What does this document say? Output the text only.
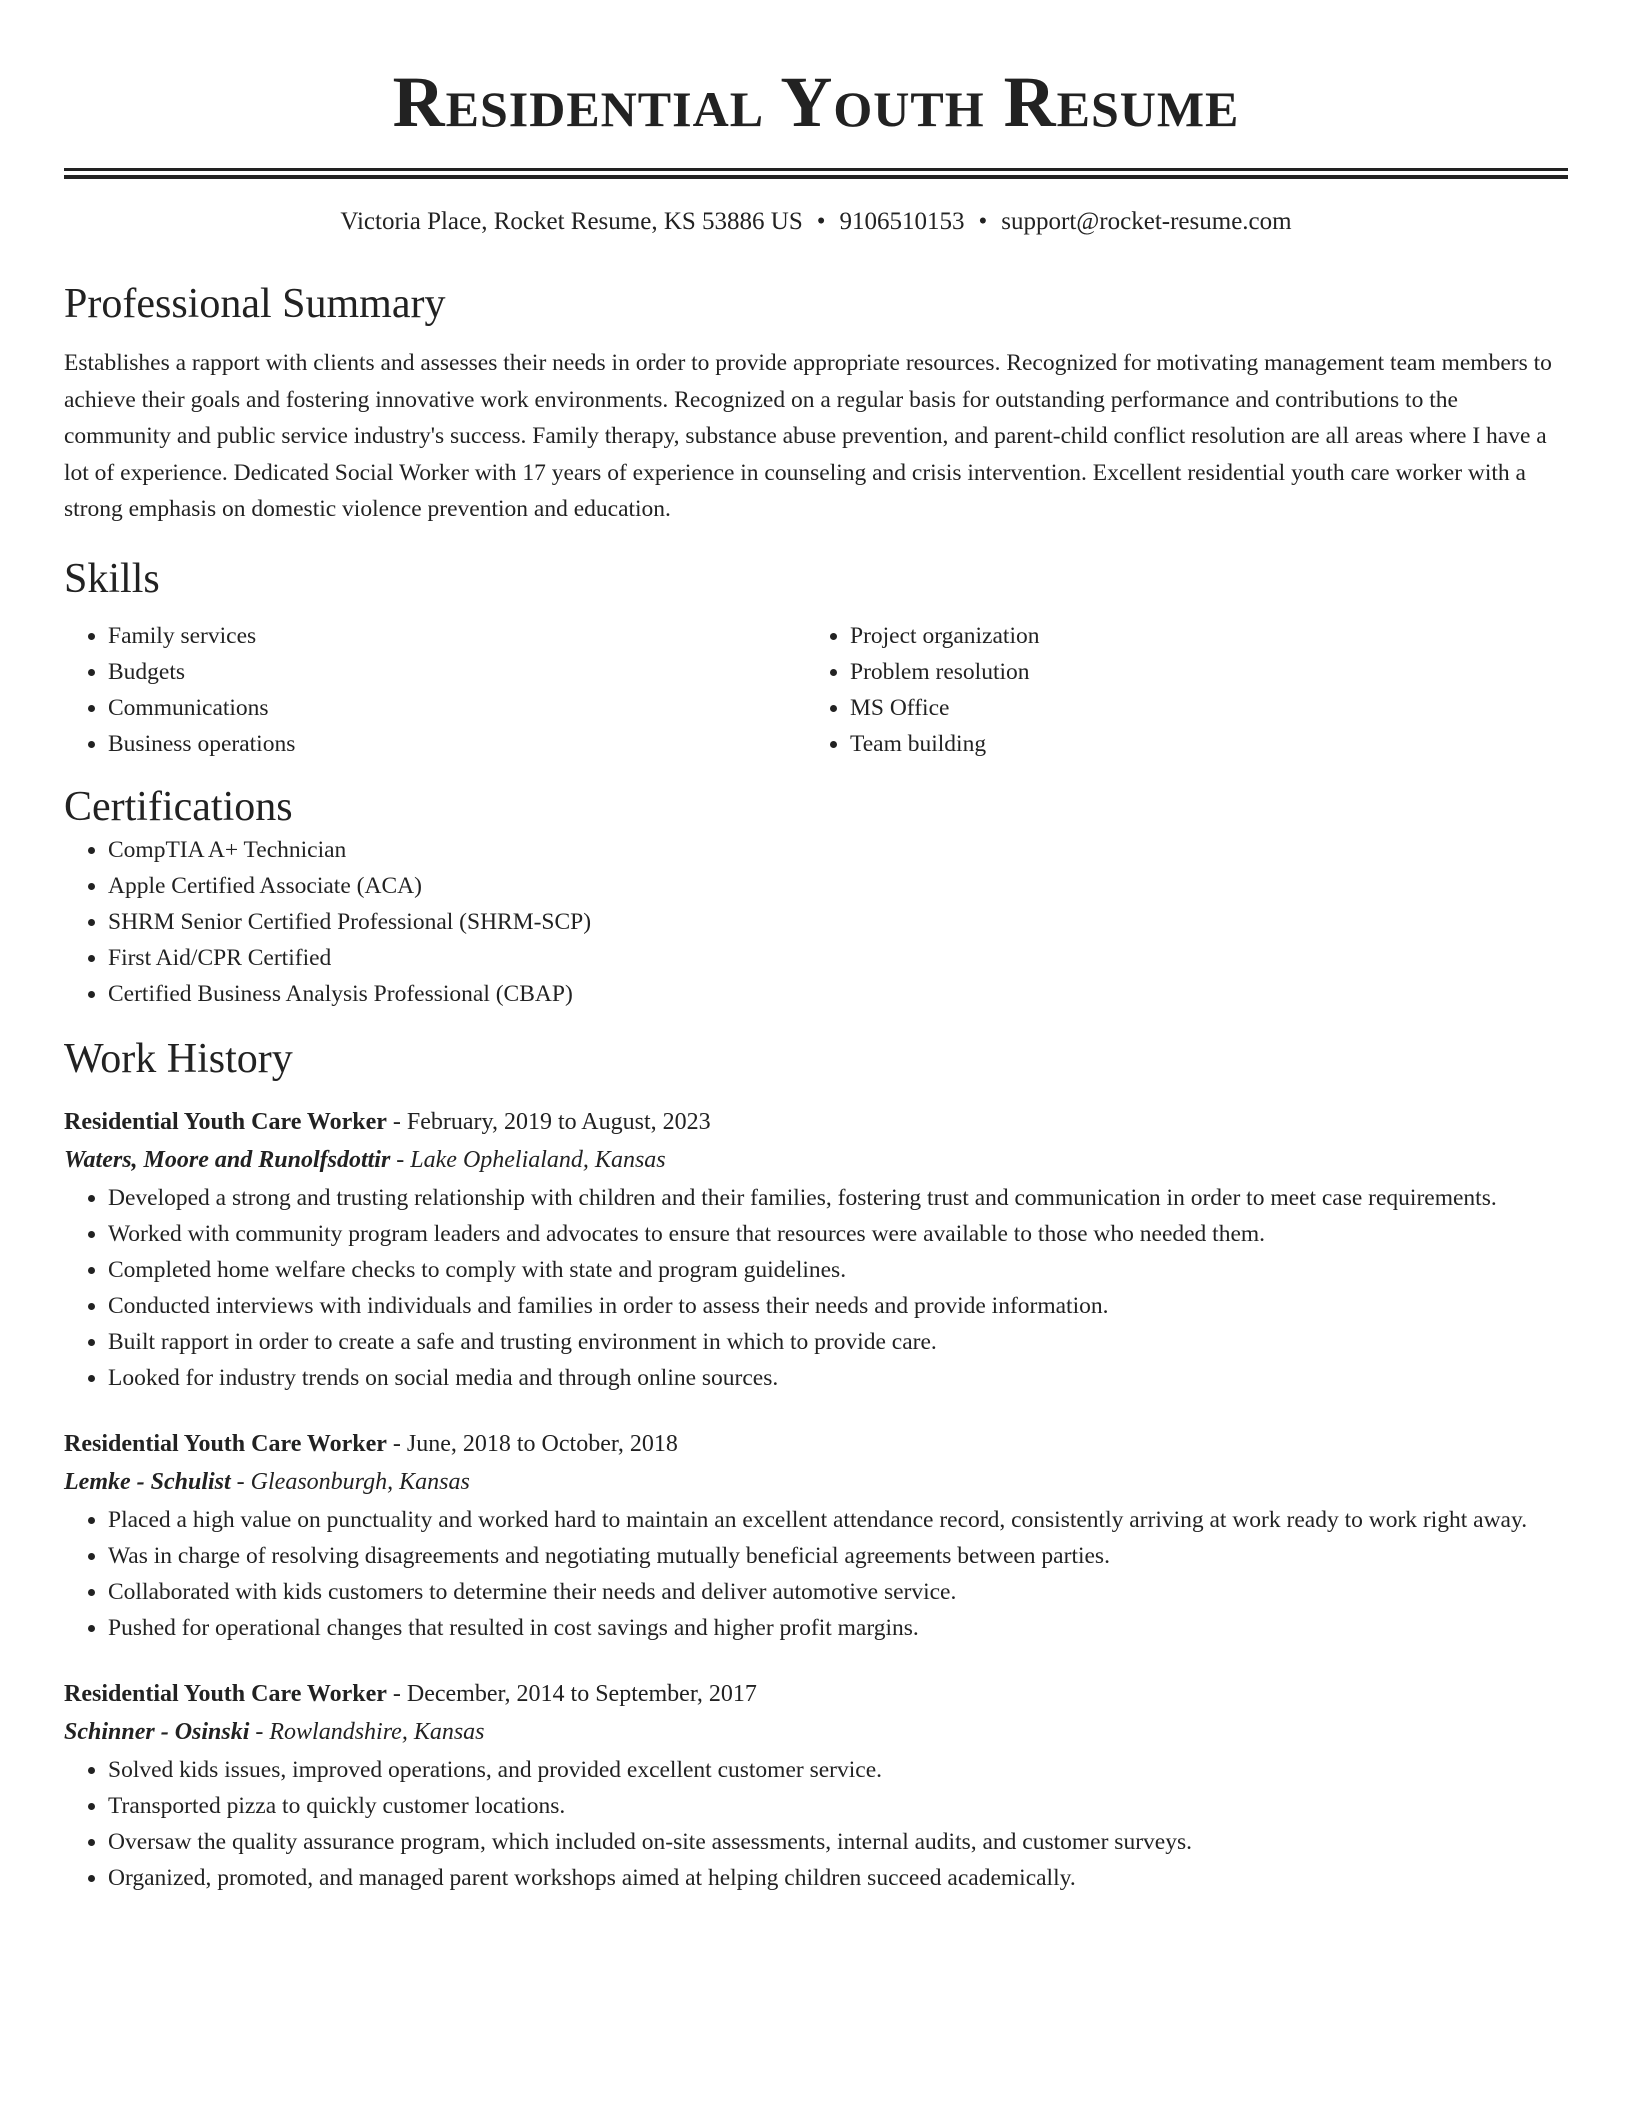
Residential Youth Resume
Victoria Place, Rocket Resume, KS 53886 US • 9106510153 • support@rocket-resume.com
Professional Summary

Establishes a rapport with clients and assesses their needs in order to provide appropriate resources. Recognized for motivating management team members to achieve their goals and fostering innovative work environments. Recognized on a regular basis for outstanding performance and contributions to the community and public service industry's success. Family therapy, substance abuse prevention, and parent-child conflict resolution are all areas where I have a lot of experience. Dedicated Social Worker with 17 years of experience in counseling and crisis intervention. Excellent residential youth care worker with a strong emphasis on domestic violence prevention and education.

Skills
• Family services
• Budgets
• Communications
• Business operations
• Project organization
• Problem resolution
• MS Office
• Team building
Certifications
• CompTIA A+ Technician
• Apple Certified Associate (ACA)
• SHRM Senior Certified Professional (SHRM-SCP)
• First Aid/CPR Certified
• Certified Business Analysis Professional (CBAP)
Work History
Residential Youth Care Worker - February, 2019 to August, 2023
Waters, Moore and Runolfsdottir - Lake Ophelialand, Kansas
• Developed a strong and trusting relationship with children and their families, fostering trust and communication in order to meet case requirements.
• Worked with community program leaders and advocates to ensure that resources were available to those who needed them.
• Completed home welfare checks to comply with state and program guidelines.
• Conducted interviews with individuals and families in order to assess their needs and provide information.
• Built rapport in order to create a safe and trusting environment in which to provide care.
• Looked for industry trends on social media and through online sources.
Residential Youth Care Worker - June, 2018 to October, 2018
Lemke - Schulist - Gleasonburgh, Kansas
• Placed a high value on punctuality and worked hard to maintain an excellent attendance record, consistently arriving at work ready to work right away.
• Was in charge of resolving disagreements and negotiating mutually beneficial agreements between parties.
• Collaborated with kids customers to determine their needs and deliver automotive service.
• Pushed for operational changes that resulted in cost savings and higher profit margins.
Residential Youth Care Worker - December, 2014 to September, 2017
Schinner - Osinski - Rowlandshire, Kansas
• Solved kids issues, improved operations, and provided excellent customer service.
• Transported pizza to quickly customer locations.
• Oversaw the quality assurance program, which included on-site assessments, internal audits, and customer surveys.
• Organized, promoted, and managed parent workshops aimed at helping children succeed academically.
